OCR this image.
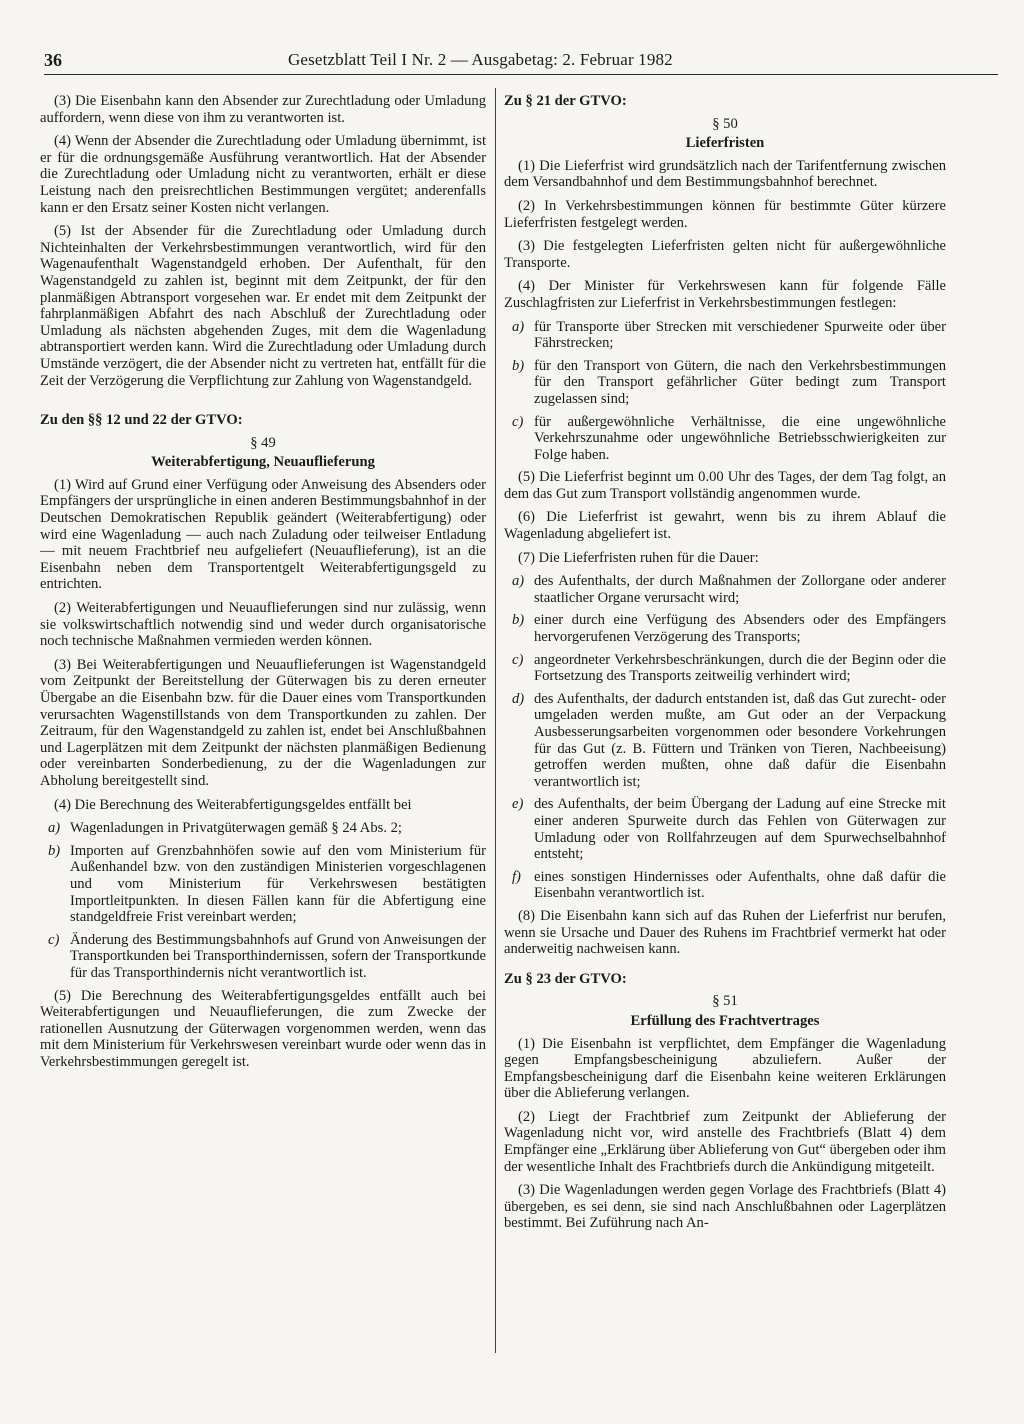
36	Gesetzblatt Teil I Nr. 2 — Ausgabetag: 2. Februar 1982

(3) Die Eisenbahn kann den Absender zur Zurechtladung oder Umladung auffordern, wenn diese von ihm zu verantworten ist.

(4) Wenn der Absender die Zurechtladung oder Umladung übernimmt, ist er für die ordnungsgemäße Ausführung verantwortlich. Hat der Absender die Zurechtladung oder Umladung nicht zu verantworten, erhält er diese Leistung nach den preisrechtlichen Bestimmungen vergütet; anderenfalls kann er den Ersatz seiner Kosten nicht verlangen.

(5) Ist der Absender für die Zurechtladung oder Umladung durch Nichteinhalten der Verkehrsbestimmungen verantwortlich, wird für den Wagenaufenthalt Wagenstandgeld erhoben. Der Aufenthalt, für den Wagenstandgeld zu zahlen ist, beginnt mit dem Zeitpunkt, der für den planmäßigen Abtransport vorgesehen war. Er endet mit dem Zeitpunkt der fahrplanmäßigen Abfahrt des nach Abschluß der Zurechtladung oder Umladung als nächsten abgehenden Zuges, mit dem die Wagenladung abtransportiert werden kann. Wird die Zurechtladung oder Umladung durch Umstände verzögert, die der Absender nicht zu vertreten hat, entfällt für die Zeit der Verzögerung die Verpflichtung zur Zahlung von Wagenstandgeld.

Zu den §§ 12 und 22 der GTVO:

§ 49

Weiterabfertigung, Neuauflieferung

(1) Wird auf Grund einer Verfügung oder Anweisung des Absenders oder Empfängers der ursprüngliche in einen anderen Bestimmungsbahnhof in der Deutschen Demokratischen Republik geändert (Weiterabfertigung) oder wird eine Wagenladung — auch nach Zuladung oder teilweiser Entladung — mit neuem Frachtbrief neu aufgeliefert (Neuauflieferung), ist an die Eisenbahn neben dem Transportentgelt Weiterabfertigungsgeld zu entrichten.

(2) Weiterabfertigungen und Neuauflieferungen sind nur zulässig, wenn sie volkswirtschaftlich notwendig sind und weder durch organisatorische noch technische Maßnahmen vermieden werden können.

(3) Bei Weiterabfertigungen und Neuauflieferungen ist Wagenstandgeld vom Zeitpunkt der Bereitstellung der Güterwagen bis zu deren erneuter Übergabe an die Eisenbahn bzw. für die Dauer eines vom Transportkunden verursachten Wagenstillstands von dem Transportkunden zu zahlen. Der Zeitraum, für den Wagenstandgeld zu zahlen ist, endet bei Anschlußbahnen und Lagerplätzen mit dem Zeitpunkt der nächsten planmäßigen Bedienung oder vereinbarten Sonderbedienung, zu der die Wagenladungen zur Abholung bereitgestellt sind.

(4) Die Berechnung des Weiterabfertigungsgeldes entfällt bei

a) Wagenladungen in Privatgüterwagen gemäß § 24 Abs. 2;
b) Importen auf Grenzbahnhöfen sowie auf den vom Ministerium für Außenhandel bzw. von den zuständigen Ministerien vorgeschlagenen und vom Ministerium für Verkehrswesen bestätigten Importleitpunkten. In diesen Fällen kann für die Abfertigung eine standgeldfreie Frist vereinbart werden;
c) Änderung des Bestimmungsbahnhofs auf Grund von Anweisungen der Transportkunden bei Transporthindernissen, sofern der Transportkunde für das Transporthindernis nicht verantwortlich ist.

(5) Die Berechnung des Weiterabfertigungsgeldes entfällt auch bei Weiterabfertigungen und Neuauflieferungen, die zum Zwecke der rationellen Ausnutzung der Güterwagen vorgenommen werden, wenn das mit dem Ministerium für Verkehrswesen vereinbart wurde oder wenn das in Verkehrsbestimmungen geregelt ist.

Zu § 21 der GTVO:

§ 50

Lieferfristen

(1) Die Lieferfrist wird grundsätzlich nach der Tarifentfernung zwischen dem Versandbahnhof und dem Bestimmungsbahnhof berechnet.

(2) In Verkehrsbestimmungen können für bestimmte Güter kürzere Lieferfristen festgelegt werden.

(3) Die festgelegten Lieferfristen gelten nicht für außergewöhnliche Transporte.

(4) Der Minister für Verkehrswesen kann für folgende Fälle Zuschlagfristen zur Lieferfrist in Verkehrsbestimmungen festlegen:

a) für Transporte über Strecken mit verschiedener Spurweite oder über Fährstrecken;
b) für den Transport von Gütern, die nach den Verkehrsbestimmungen für den Transport gefährlicher Güter bedingt zum Transport zugelassen sind;
c) für außergewöhnliche Verhältnisse, die eine ungewöhnliche Verkehrszunahme oder ungewöhnliche Betriebsschwierigkeiten zur Folge haben.

(5) Die Lieferfrist beginnt um 0.00 Uhr des Tages, der dem Tag folgt, an dem das Gut zum Transport vollständig angenommen wurde.

(6) Die Lieferfrist ist gewahrt, wenn bis zu ihrem Ablauf die Wagenladung abgeliefert ist.

(7) Die Lieferfristen ruhen für die Dauer:

a) des Aufenthalts, der durch Maßnahmen der Zollorgane oder anderer staatlicher Organe verursacht wird;
b) einer durch eine Verfügung des Absenders oder des Empfängers hervorgerufenen Verzögerung des Transports;
c) angeordneter Verkehrsbeschränkungen, durch die der Beginn oder die Fortsetzung des Transports zeitweilig verhindert wird;
d) des Aufenthalts, der dadurch entstanden ist, daß das Gut zurecht- oder umgeladen werden mußte, am Gut oder an der Verpackung Ausbesserungsarbeiten vorgenommen oder besondere Vorkehrungen für das Gut (z. B. Füttern und Tränken von Tieren, Nachbeeisung) getroffen werden mußten, ohne daß dafür die Eisenbahn verantwortlich ist;
e) des Aufenthalts, der beim Übergang der Ladung auf eine Strecke mit einer anderen Spurweite durch das Fehlen von Güterwagen zur Umladung oder von Rollfahrzeugen auf dem Spurwechselbahnhof entsteht;
f) eines sonstigen Hindernisses oder Aufenthalts, ohne daß dafür die Eisenbahn verantwortlich ist.

(8) Die Eisenbahn kann sich auf das Ruhen der Lieferfrist nur berufen, wenn sie Ursache und Dauer des Ruhens im Frachtbrief vermerkt hat oder anderweitig nachweisen kann.

Zu § 23 der GTVO:

§ 51

Erfüllung des Frachtvertrages

(1) Die Eisenbahn ist verpflichtet, dem Empfänger die Wagenladung gegen Empfangsbescheinigung abzuliefern. Außer der Empfangsbescheinigung darf die Eisenbahn keine weiteren Erklärungen über die Ablieferung verlangen.

(2) Liegt der Frachtbrief zum Zeitpunkt der Ablieferung der Wagenladung nicht vor, wird anstelle des Frachtbriefs (Blatt 4) dem Empfänger eine „Erklärung über Ablieferung von Gut“ übergeben oder ihm der wesentliche Inhalt des Frachtbriefs durch die Ankündigung mitgeteilt.

(3) Die Wagenladungen werden gegen Vorlage des Frachtbriefs (Blatt 4) übergeben, es sei denn, sie sind nach Anschlußbahnen oder Lagerplätzen bestimmt. Bei Zuführung nach An-
